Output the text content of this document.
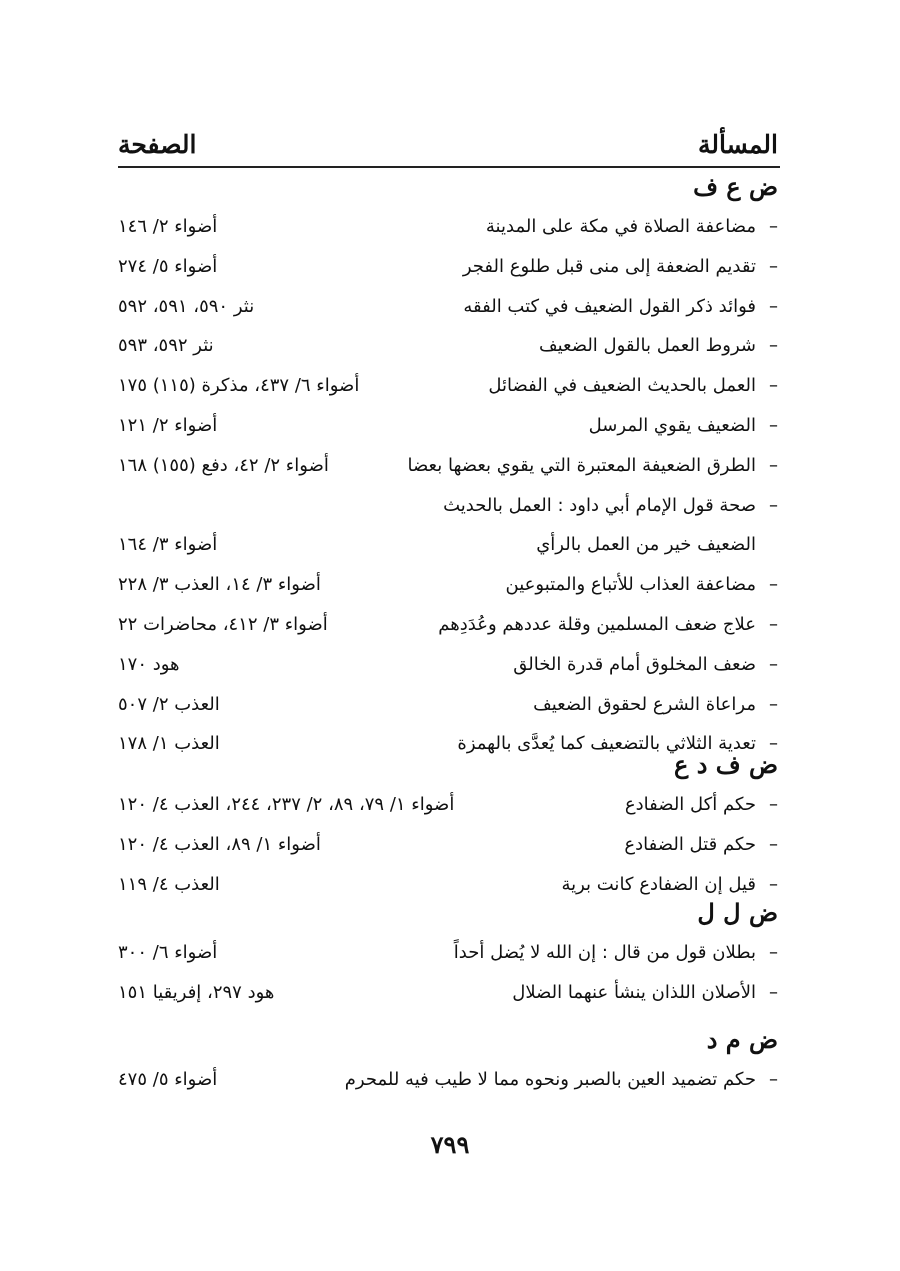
المسألة
الصفحة
ض ع ف
–
مضاعفة الصلاة في مكة على المدينة
أضواء ٢/ ١٤٦
–
تقديم الضعفة إلى منى قبل طلوع الفجر
أضواء ٥/ ٢٧٤
–
فوائد ذكر القول الضعيف في كتب الفقه
نثر ٥٩٠، ٥٩١، ٥٩٢
–
شروط العمل بالقول الضعيف
نثر ٥٩٢، ٥٩٣
–
العمل بالحديث الضعيف في الفضائل
أضواء ٦/ ٤٣٧، مذكرة (١١٥) ١٧٥
–
الضعيف يقوي المرسل
أضواء ٢/ ١٢١
–
الطرق الضعيفة المعتبرة التي يقوي بعضها بعضا
أضواء ٢/ ٤٢، دفع (١٥٥) ١٦٨
–
صحة قول الإمام أبي داود : العمل بالحديث
الضعيف خير من العمل بالرأي
أضواء ٣/ ١٦٤
–
مضاعفة العذاب للأتباع والمتبوعين
أضواء ٣/ ١٤، العذب ٣/ ٢٢٨
–
علاج ضعف المسلمين وقلة عددهم وعُدَدِهم
أضواء ٣/ ٤١٢، محاضرات ٢٢
–
ضعف المخلوق أمام قدرة الخالق
هود ١٧٠
–
مراعاة الشرع لحقوق الضعيف
العذب ٢/ ٥٠٧
–
تعدية الثلاثي بالتضعيف كما يُعدَّى بالهمزة
العذب ١/ ١٧٨
ض ف د ع
–
حكم أكل الضفادع
أضواء ١/ ٧٩، ٨٩، ٢/ ٢٣٧، ٢٤٤، العذب ٤/ ١٢٠
–
حكم قتل الضفادع
أضواء ١/ ٨٩، العذب ٤/ ١٢٠
–
قيل إن الضفادع كانت برية
العذب ٤/ ١١٩
ض ل ل
–
بطلان قول من قال : إن الله لا يُضل أحداً
أضواء ٦/ ٣٠٠
–
الأصلان اللذان ينشأ عنهما الضلال
هود ٢٩٧، إفريقيا ١٥١
ض م د
–
حكم تضميد العين بالصبر ونحوه مما لا طيب فيه للمحرم
أضواء ٥/ ٤٧٥
٧٩٩
